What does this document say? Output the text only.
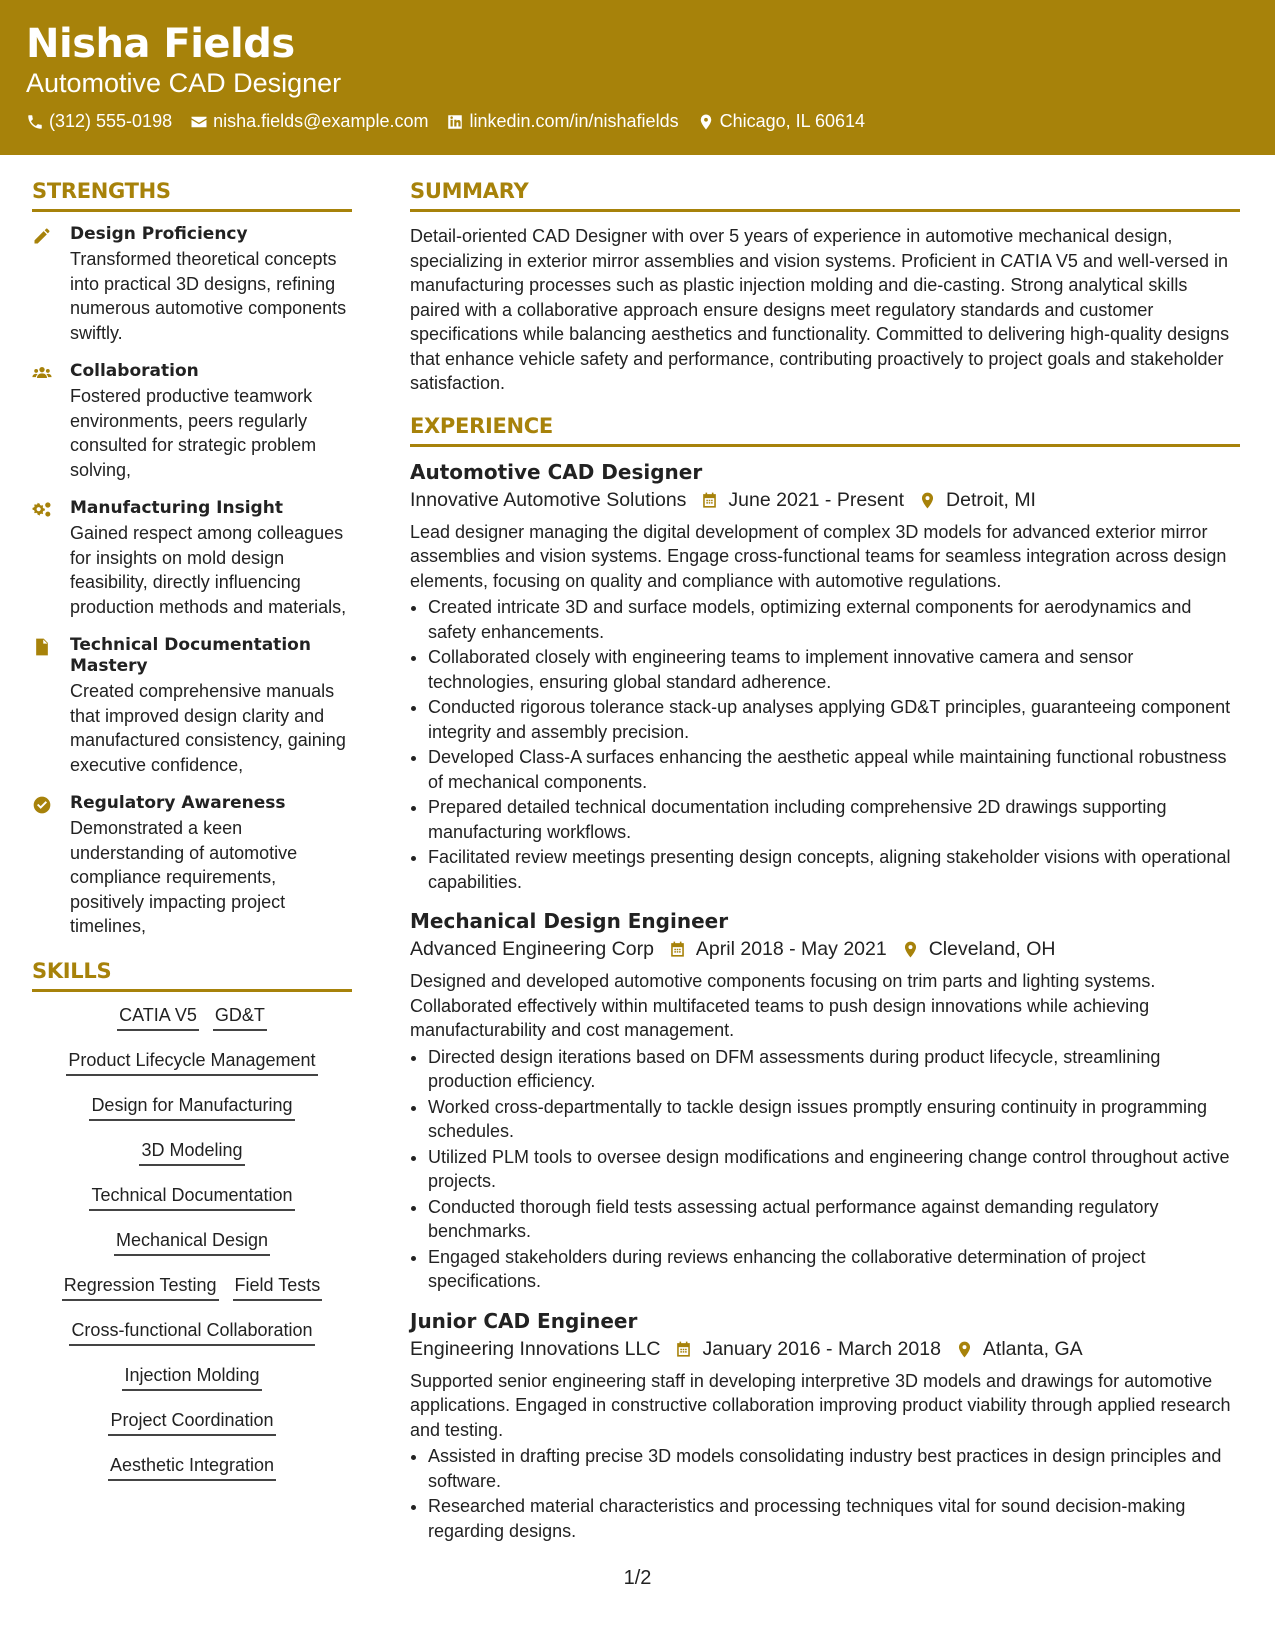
Nisha Fields
Automotive CAD Designer
(312) 555-0198 nisha.fields@example.com linkedin.com/in/nishafields Chicago, IL 60614
STRENGTHS
Design Proficiency
Transformed theoretical concepts into practical 3D designs, refining numerous automotive components swiftly.
Collaboration
Fostered productive teamwork environments, peers regularly consulted for strategic problem solving,
Manufacturing Insight
Gained respect among colleagues for insights on mold design feasibility, directly influencing production methods and materials,
Technical Documentation Mastery
Created comprehensive manuals that improved design clarity and manufactured consistency, gaining executive confidence,
Regulatory Awareness
Demonstrated a keen understanding of automotive compliance requirements, positively impacting project timelines,
SKILLS
CATIA V5 GD&T
Product Lifecycle Management
Design for Manufacturing
3D Modeling
Technical Documentation
Mechanical Design
Regression Testing Field Tests
Cross-functional Collaboration
Injection Molding
Project Coordination
Aesthetic Integration
SUMMARY
Detail-oriented CAD Designer with over 5 years of experience in automotive mechanical design, specializing in exterior mirror assemblies and vision systems. Proficient in CATIA V5 and well-versed in manufacturing processes such as plastic injection molding and die-casting. Strong analytical skills paired with a collaborative approach ensure designs meet regulatory standards and customer specifications while balancing aesthetics and functionality. Committed to delivering high-quality designs that enhance vehicle safety and performance, contributing proactively to project goals and stakeholder satisfaction.
EXPERIENCE
Automotive CAD Designer
Innovative Automotive Solutions June 2021 - Present Detroit, MI
Lead designer managing the digital development of complex 3D models for advanced exterior mirror assemblies and vision systems. Engage cross-functional teams for seamless integration across design elements, focusing on quality and compliance with automotive regulations.
• Created intricate 3D and surface models, optimizing external components for aerodynamics and safety enhancements.
• Collaborated closely with engineering teams to implement innovative camera and sensor technologies, ensuring global standard adherence.
• Conducted rigorous tolerance stack-up analyses applying GD&T principles, guaranteeing component integrity and assembly precision.
• Developed Class-A surfaces enhancing the aesthetic appeal while maintaining functional robustness of mechanical components.
• Prepared detailed technical documentation including comprehensive 2D drawings supporting manufacturing workflows.
• Facilitated review meetings presenting design concepts, aligning stakeholder visions with operational capabilities.
Mechanical Design Engineer
Advanced Engineering Corp April 2018 - May 2021 Cleveland, OH
Designed and developed automotive components focusing on trim parts and lighting systems. Collaborated effectively within multifaceted teams to push design innovations while achieving manufacturability and cost management.
• Directed design iterations based on DFM assessments during product lifecycle, streamlining production efficiency.
• Worked cross-departmentally to tackle design issues promptly ensuring continuity in programming schedules.
• Utilized PLM tools to oversee design modifications and engineering change control throughout active projects.
• Conducted thorough field tests assessing actual performance against demanding regulatory benchmarks.
• Engaged stakeholders during reviews enhancing the collaborative determination of project specifications.
Junior CAD Engineer
Engineering Innovations LLC January 2016 - March 2018 Atlanta, GA
Supported senior engineering staff in developing interpretive 3D models and drawings for automotive applications. Engaged in constructive collaboration improving product viability through applied research and testing.
• Assisted in drafting precise 3D models consolidating industry best practices in design principles and software.
• Researched material characteristics and processing techniques vital for sound decision-making regarding designs.
1/2
